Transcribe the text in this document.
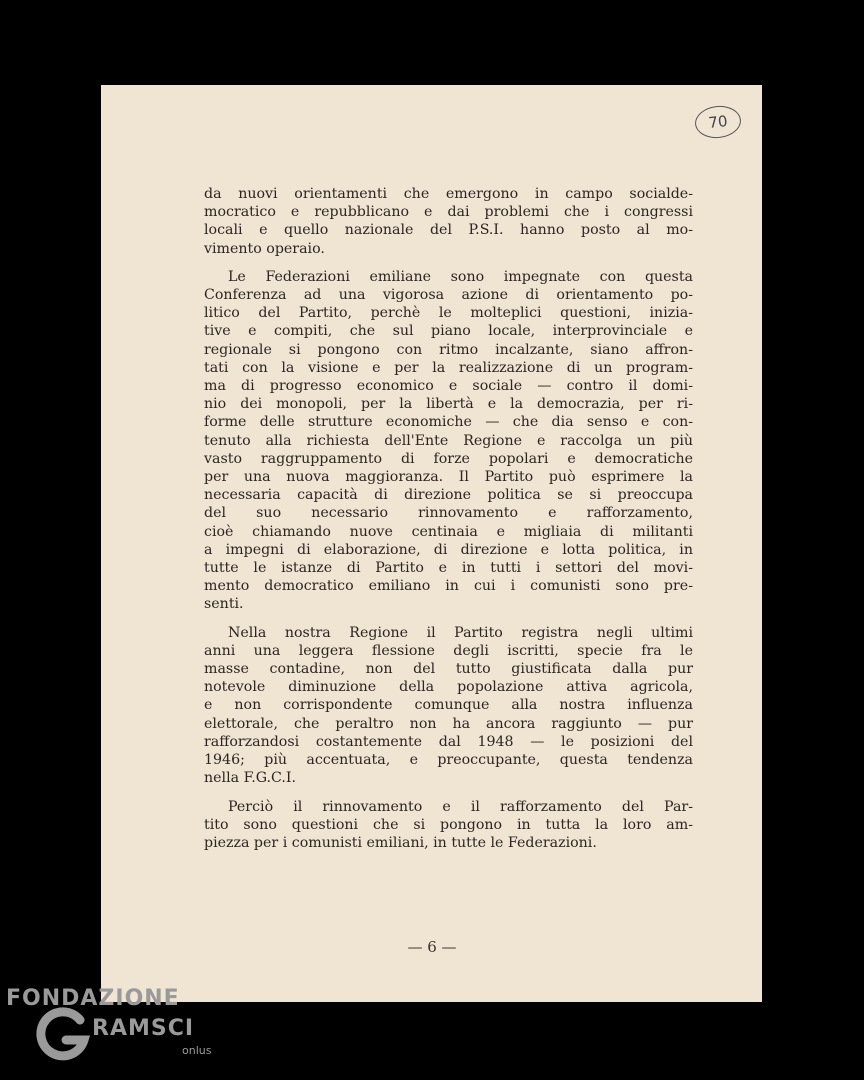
70

da nuovi orientamenti che emergono in campo socialde-
mocratico e repubblicano e dai problemi che i congressi
locali e quello nazionale del P.S.I. hanno posto al mo-
vimento operaio.

Le Federazioni emiliane sono impegnate con questa
Conferenza ad una vigorosa azione di orientamento po-
litico del Partito, perchè le molteplici questioni, inizia-
tive e compiti, che sul piano locale, interprovinciale e
regionale si pongono con ritmo incalzante, siano affron-
tati con la visione e per la realizzazione di un program-
ma di progresso economico e sociale — contro il domi-
nio dei monopoli, per la libertà e la democrazia, per ri-
forme delle strutture economiche — che dia senso e con-
tenuto alla richiesta dell'Ente Regione e raccolga un più
vasto raggruppamento di forze popolari e democratiche
per una nuova maggioranza. Il Partito può esprimere la
necessaria capacità di direzione politica se si preoccupa
del suo necessario rinnovamento e rafforzamento,
cioè chiamando nuove centinaia e migliaia di militanti
a impegni di elaborazione, di direzione e lotta politica, in
tutte le istanze di Partito e in tutti i settori del movi-
mento democratico emiliano in cui i comunisti sono pre-
senti.

Nella nostra Regione il Partito registra negli ultimi
anni una leggera flessione degli iscritti, specie fra le
masse contadine, non del tutto giustificata dalla pur
notevole diminuzione della popolazione attiva agricola,
e non corrispondente comunque alla nostra influenza
elettorale, che peraltro non ha ancora raggiunto — pur
rafforzandosi costantemente dal 1948 — le posizioni del
1946; più accentuata, e preoccupante, questa tendenza
nella F.G.C.I.

Perciò il rinnovamento e il rafforzamento del Par-
tito sono questioni che si pongono in tutta la loro am-
piezza per i comunisti emiliani, in tutte le Federazioni.

— 6 —
FONDAZIONE
RAMSCI
onlus
